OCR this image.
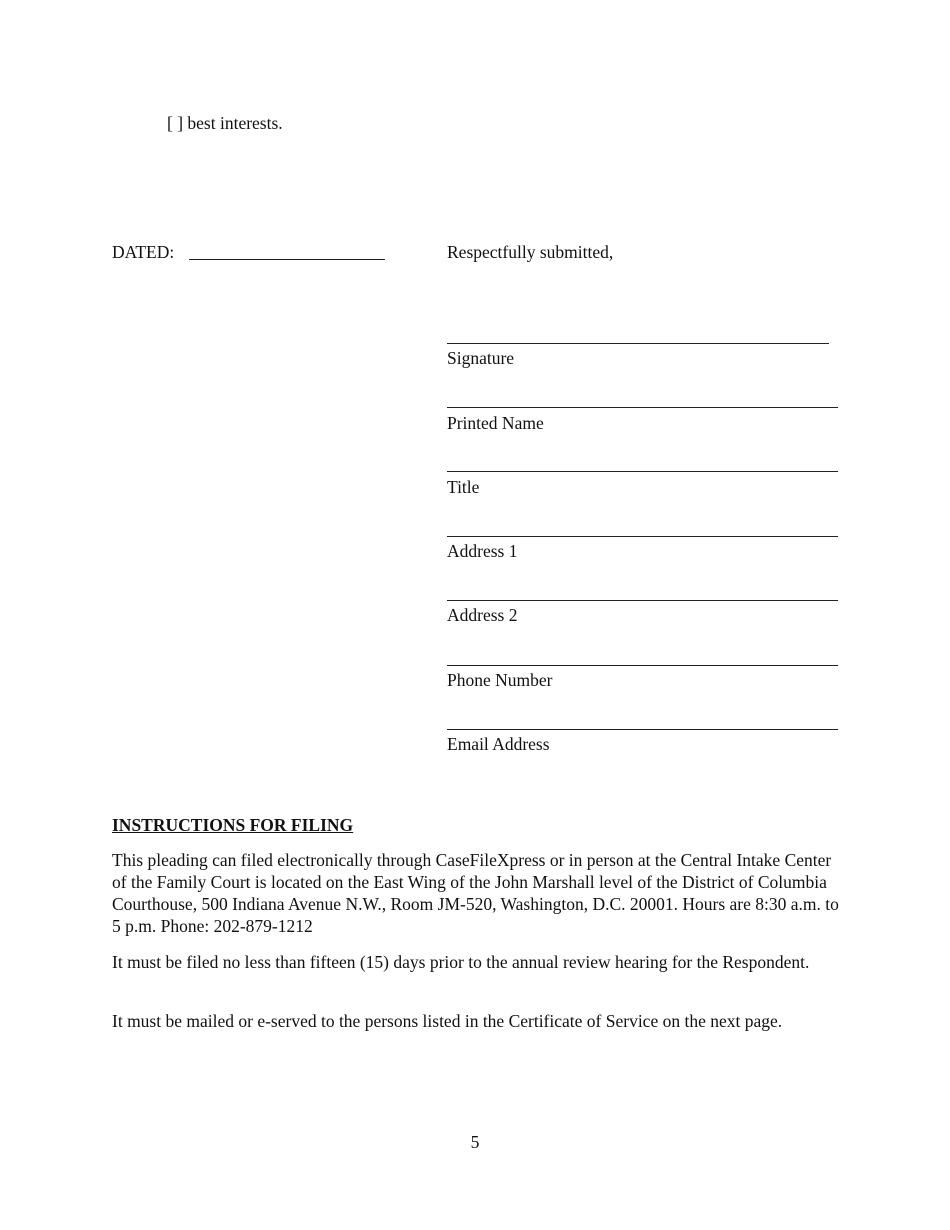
[ ] best interests.
DATED:	Respectfully submitted,
Signature
Printed Name
Title
Address 1
Address 2
Phone Number
Email Address
INSTRUCTIONS FOR FILING

This pleading can filed electronically through CaseFileXpress or in person at the Central Intake Center of the Family Court is located on the East Wing of the John Marshall level of the District of Columbia Courthouse, 500 Indiana Avenue N.W., Room JM-520, Washington, D.C. 20001. Hours are 8:30 a.m. to 5 p.m. Phone: 202-879-1212

It must be filed no less than fifteen (15) days prior to the annual review hearing for the Respondent.

It must be mailed or e-served to the persons listed in the Certificate of Service on the next page.

5
